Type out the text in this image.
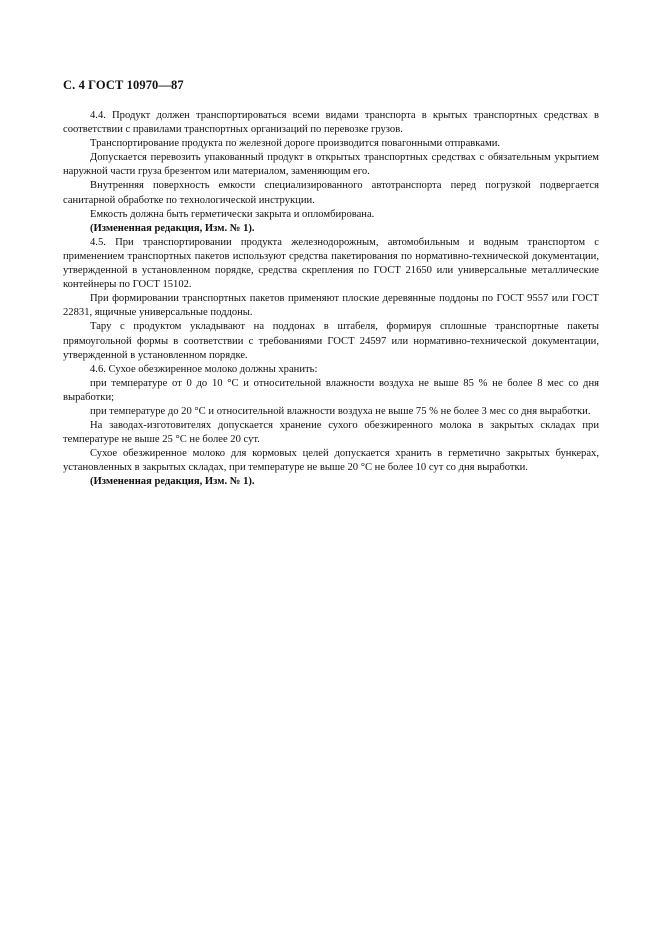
С. 4 ГОСТ 10970—87

4.4. Продукт должен транспортироваться всеми видами транспорта в крытых транспортных средствах в соответствии с правилами транспортных организаций по перевозке грузов.

Транспортирование продукта по железной дороге производится повагонными отправками.

Допускается перевозить упакованный продукт в открытых транспортных средствах с обязательным укрытием наружной части груза брезентом или материалом, заменяющим его.

Внутренняя поверхность емкости специализированного автотранспорта перед погрузкой подвергается санитарной обработке по технологической инструкции.

Емкость должна быть герметически закрыта и опломбирована.

(Измененная редакция, Изм. № 1).

4.5. При транспортировании продукта железнодорожным, автомобильным и водным транспортом с применением транспортных пакетов используют средства пакетирования по нормативно-технической документации, утвержденной в установленном порядке, средства скрепления по ГОСТ 21650 или универсальные металлические контейнеры по ГОСТ 15102.

При формировании транспортных пакетов применяют плоские деревянные поддоны по ГОСТ 9557 или ГОСТ 22831, ящичные универсальные поддоны.

Тару с продуктом укладывают на поддонах в штабеля, формируя сплошные транспортные пакеты прямоугольной формы в соответствии с требованиями ГОСТ 24597 или нормативно-технической документации, утвержденной в установленном порядке.

4.6. Сухое обезжиренное молоко должны хранить:

при температуре от 0 до 10 °С и относительной влажности воздуха не выше 85 % не более 8 мес со дня выработки;

при температуре до 20 °С и относительной влажности воздуха не выше 75 % не более 3 мес со дня выработки.

На заводах-изготовителях допускается хранение сухого обезжиренного молока в закрытых складах при температуре не выше 25 °С не более 20 сут.

Сухое обезжиренное молоко для кормовых целей допускается хранить в герметично закрытых бункерах, установленных в закрытых складах, при температуре не выше 20 °С не более 10 сут со дня выработки.

(Измененная редакция, Изм. № 1).
